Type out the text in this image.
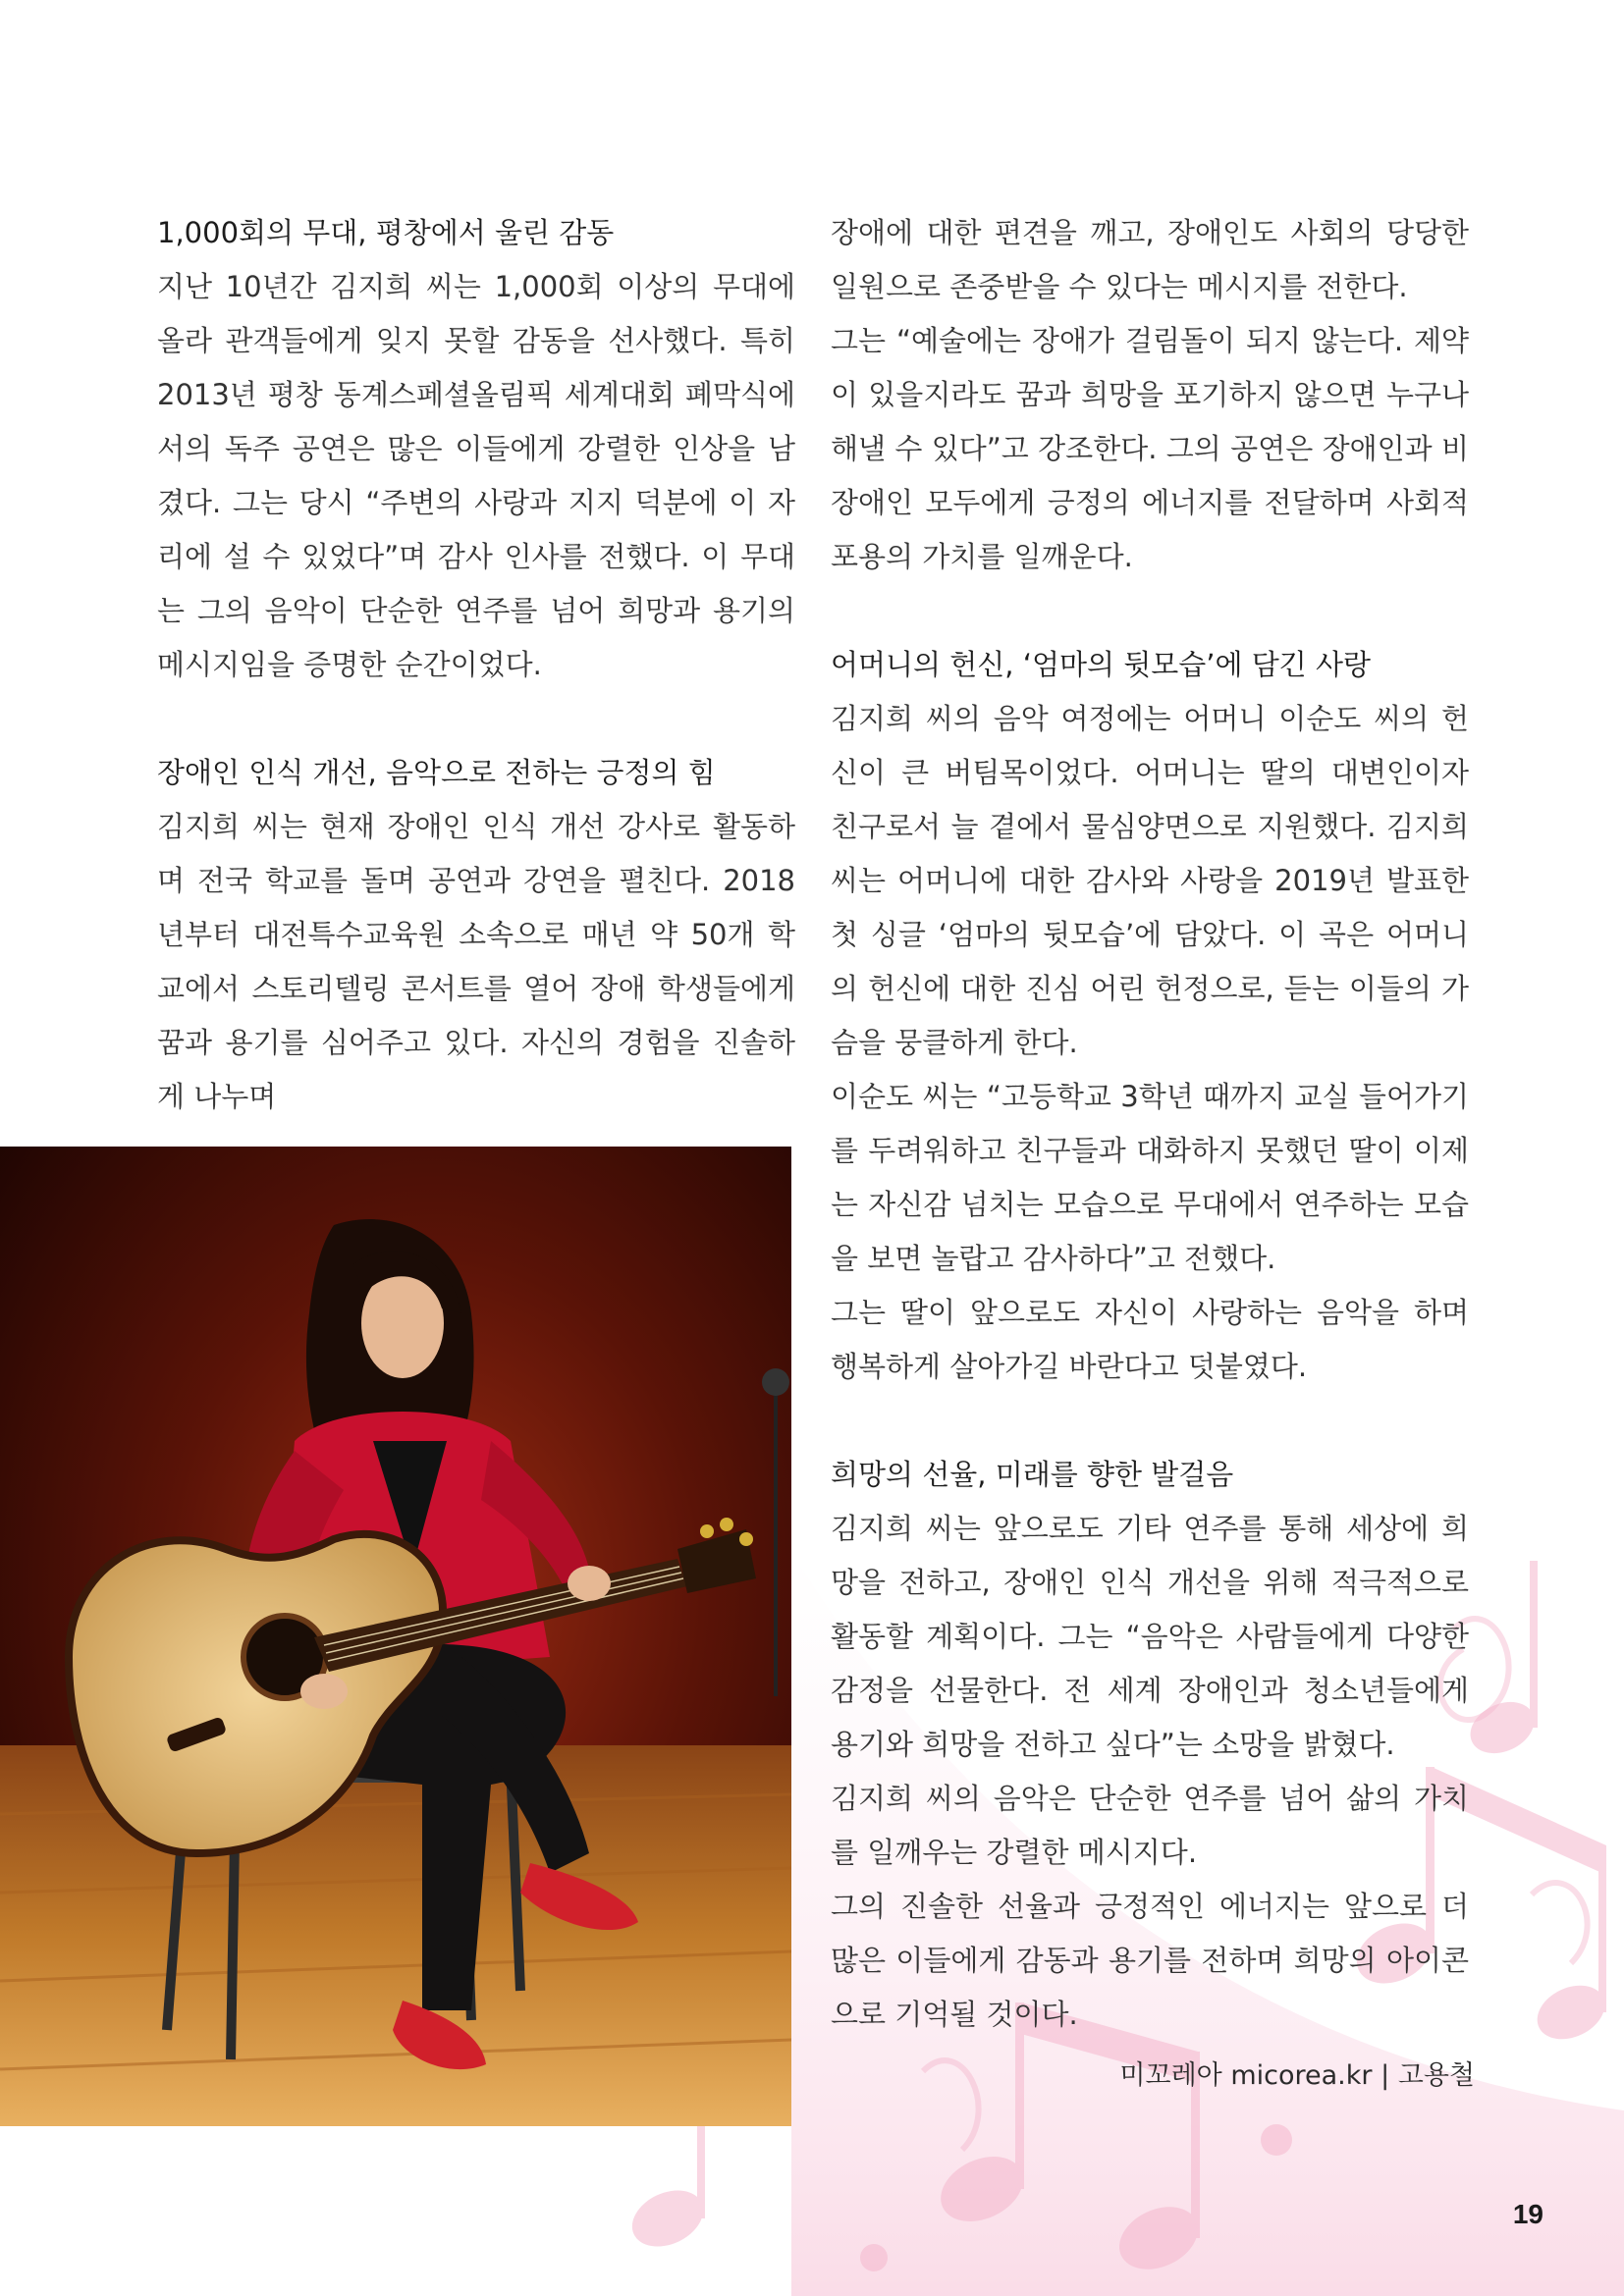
1,000회의 무대, 평창에서 울린 감동

지난 10년간 김지희 씨는 1,000회 이상의 무대에 올라 관객들에게 잊지 못할 감동을 선사했다. 특히 2013년 평창 동계스페셜올림픽 세계대회 폐막식에서의 독주 공연은 많은 이들에게 강렬한 인상을 남겼다. 그는 당시 “주변의 사랑과 지지 덕분에 이 자리에 설 수 있었다”며 감사 인사를 전했다. 이 무대는 그의 음악이 단순한 연주를 넘어 희망과 용기의 메시지임을 증명한 순간이었다.

장애인 인식 개선, 음악으로 전하는 긍정의 힘

김지희 씨는 현재 장애인 인식 개선 강사로 활동하며 전국 학교를 돌며 공연과 강연을 펼친다. 2018년부터 대전특수교육원 소속으로 매년 약 50개 학교에서 스토리텔링 콘서트를 열어 장애 학생들에게 꿈과 용기를 심어주고 있다. 자신의 경험을 진솔하게 나누며

장애에 대한 편견을 깨고, 장애인도 사회의 당당한 일원으로 존중받을 수 있다는 메시지를 전한다.

그는 “예술에는 장애가 걸림돌이 되지 않는다. 제약이 있을지라도 꿈과 희망을 포기하지 않으면 누구나 해낼 수 있다”고 강조한다. 그의 공연은 장애인과 비장애인 모두에게 긍정의 에너지를 전달하며 사회적 포용의 가치를 일깨운다.

어머니의 헌신, ‘엄마의 뒷모습’에 담긴 사랑

김지희 씨의 음악 여정에는 어머니 이순도 씨의 헌신이 큰 버팀목이었다. 어머니는 딸의 대변인이자 친구로서 늘 곁에서 물심양면으로 지원했다. 김지희 씨는 어머니에 대한 감사와 사랑을 2019년 발표한 첫 싱글 ‘엄마의 뒷모습’에 담았다. 이 곡은 어머니의 헌신에 대한 진심 어린 헌정으로, 듣는 이들의 가슴을 뭉클하게 한다.

이순도 씨는 “고등학교 3학년 때까지 교실 들어가기를 두려워하고 친구들과 대화하지 못했던 딸이 이제는 자신감 넘치는 모습으로 무대에서 연주하는 모습을 보면 놀랍고 감사하다”고 전했다.

그는 딸이 앞으로도 자신이 사랑하는 음악을 하며 행복하게 살아가길 바란다고 덧붙였다.

희망의 선율, 미래를 향한 발걸음

김지희 씨는 앞으로도 기타 연주를 통해 세상에 희망을 전하고, 장애인 인식 개선을 위해 적극적으로 활동할 계획이다. 그는 “음악은 사람들에게 다양한 감정을 선물한다. 전 세계 장애인과 청소년들에게 용기와 희망을 전하고 싶다”는 소망을 밝혔다.

김지희 씨의 음악은 단순한 연주를 넘어 삶의 가치를 일깨우는 강렬한 메시지다.

그의 진솔한 선율과 긍정적인 에너지는 앞으로 더 많은 이들에게 감동과 용기를 전하며 희망의 아이콘으로 기억될 것이다.

미꼬레아 micorea.kr | 고용철
19
